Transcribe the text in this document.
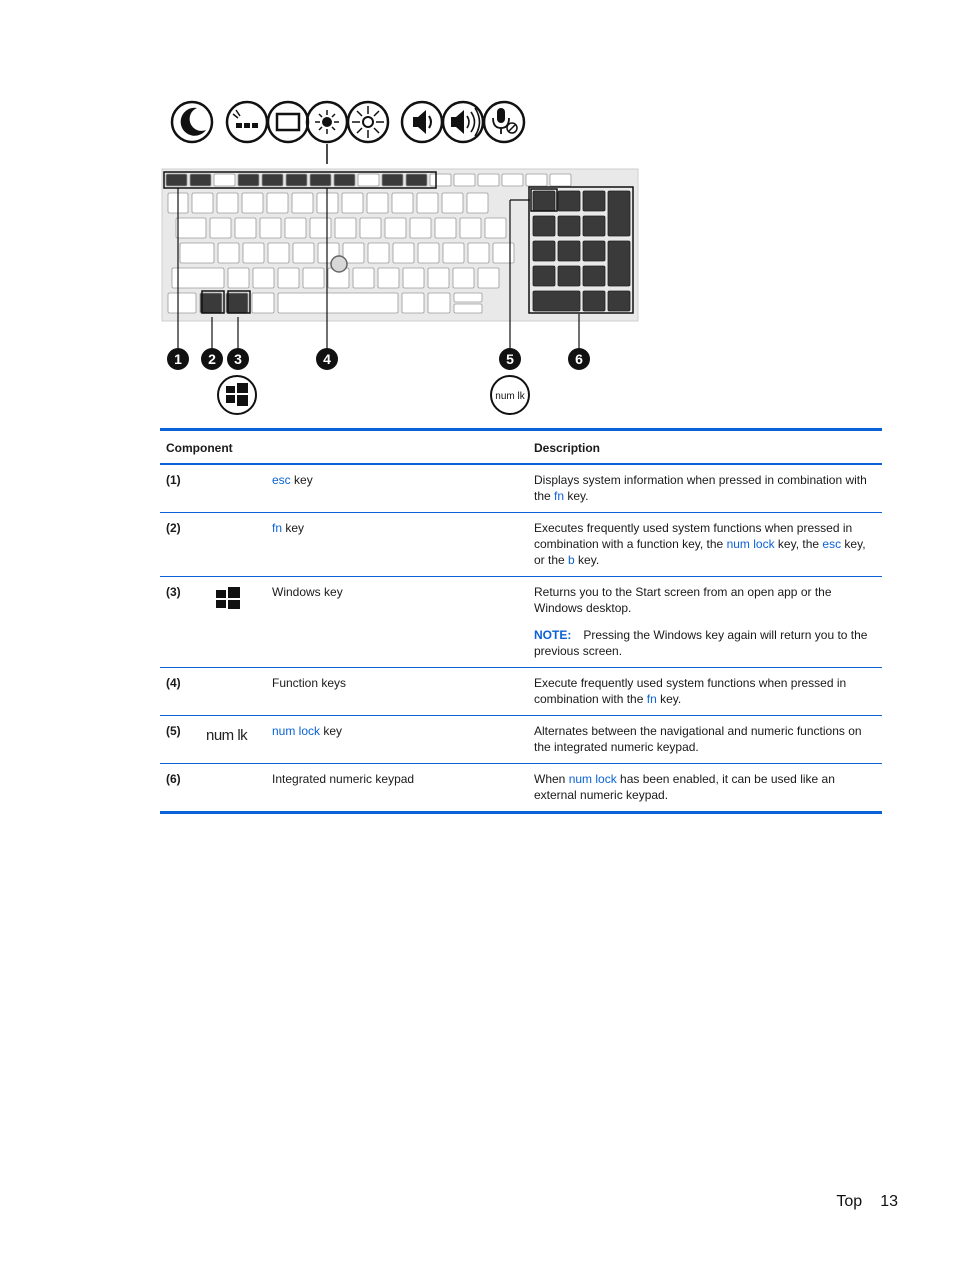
1 2 3	4	5	6
num lk
Component			Description
(1)		esc key	Displays system information when pressed in combination with the fn key.

(2)		fn key	Executes frequently used system functions when pressed in combination with a function key, the num lock key, the esc key, or the b key.

(3)		Windows key	Returns you to the Start screen from an open app or the Windows desktop.
NOTE: Pressing the Windows key again will return you to the previous screen.

(4)		Function keys	Execute frequently used system functions when pressed in combination with the fn key.

(5)	num lk	num lock key	Alternates between the navigational and numeric functions on the integrated numeric keypad.

(6)		Integrated numeric keypad	When num lock has been enabled, it can be used like an external numeric keypad.
Top 13
